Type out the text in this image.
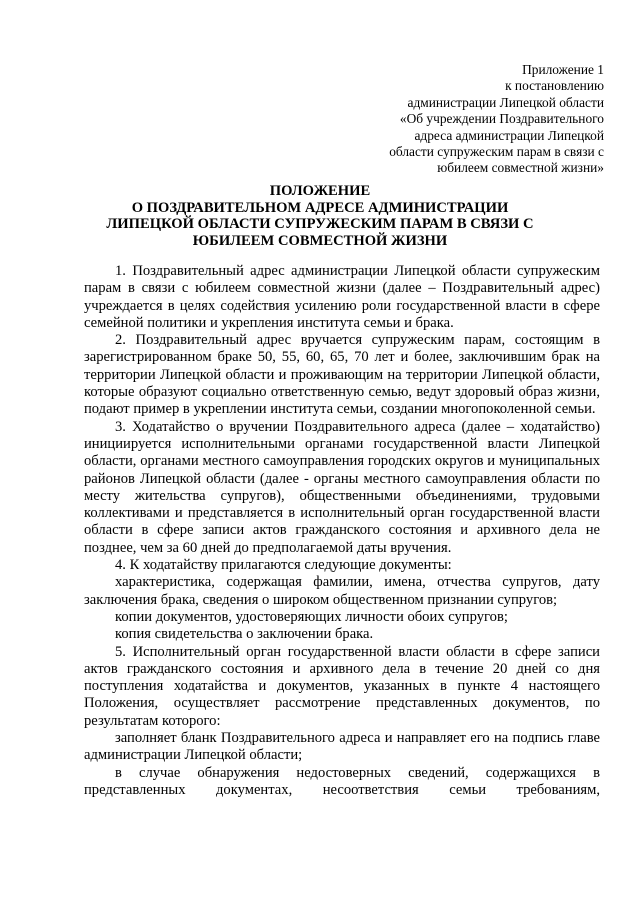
Приложение 1
к постановлению
администрации Липецкой области
«Об учреждении Поздравительного
адреса администрации Липецкой
области супружеским парам в связи с
юбилеем совместной жизни»
ПОЛОЖЕНИЕ
О ПОЗДРАВИТЕЛЬНОМ АДРЕСЕ АДМИНИСТРАЦИИ
ЛИПЕЦКОЙ ОБЛАСТИ СУПРУЖЕСКИМ ПАРАМ В СВЯЗИ С
ЮБИЛЕЕМ СОВМЕСТНОЙ ЖИЗНИ

1. Поздравительный адрес администрации Липецкой области супружеским парам в связи с юбилеем совместной жизни (далее – Поздравительный адрес) учреждается в целях содействия усилению роли государственной власти в сфере семейной политики и укрепления института семьи и брака.

2. Поздравительный адрес вручается супружеским парам, состоящим в зарегистрированном браке 50, 55, 60, 65, 70 лет и более, заключившим брак на территории Липецкой области и проживающим на территории Липецкой области, которые образуют социально ответственную семью, ведут здоровый образ жизни, подают пример в укреплении института семьи, создании многопоколенной семьи.

3. Ходатайство о вручении Поздравительного адреса (далее – ходатайство) инициируется исполнительными органами государственной власти Липецкой области, органами местного самоуправления городских округов и муниципальных районов Липецкой области (далее - органы местного самоуправления области по месту жительства супругов), общественными объединениями, трудовыми коллективами и представляется в исполнительный орган государственной власти области в сфере записи актов гражданского состояния и архивного дела не позднее, чем за 60 дней до предполагаемой даты вручения.

4. К ходатайству прилагаются следующие документы:

характеристика, содержащая фамилии, имена, отчества супругов, дату заключения брака, сведения о широком общественном признании супругов;

копии документов, удостоверяющих личности обоих супругов;

копия свидетельства о заключении брака.

5. Исполнительный орган государственной власти области в сфере записи актов гражданского состояния и архивного дела в течение 20 дней со дня поступления ходатайства и документов, указанных в пункте 4 настоящего Положения, осуществляет рассмотрение представленных документов, по результатам которого:

заполняет бланк Поздравительного адреса и направляет его на подпись главе администрации Липецкой области;

в случае обнаружения недостоверных сведений, содержащихся в представленных документах, несоответствия семьи требованиям,
